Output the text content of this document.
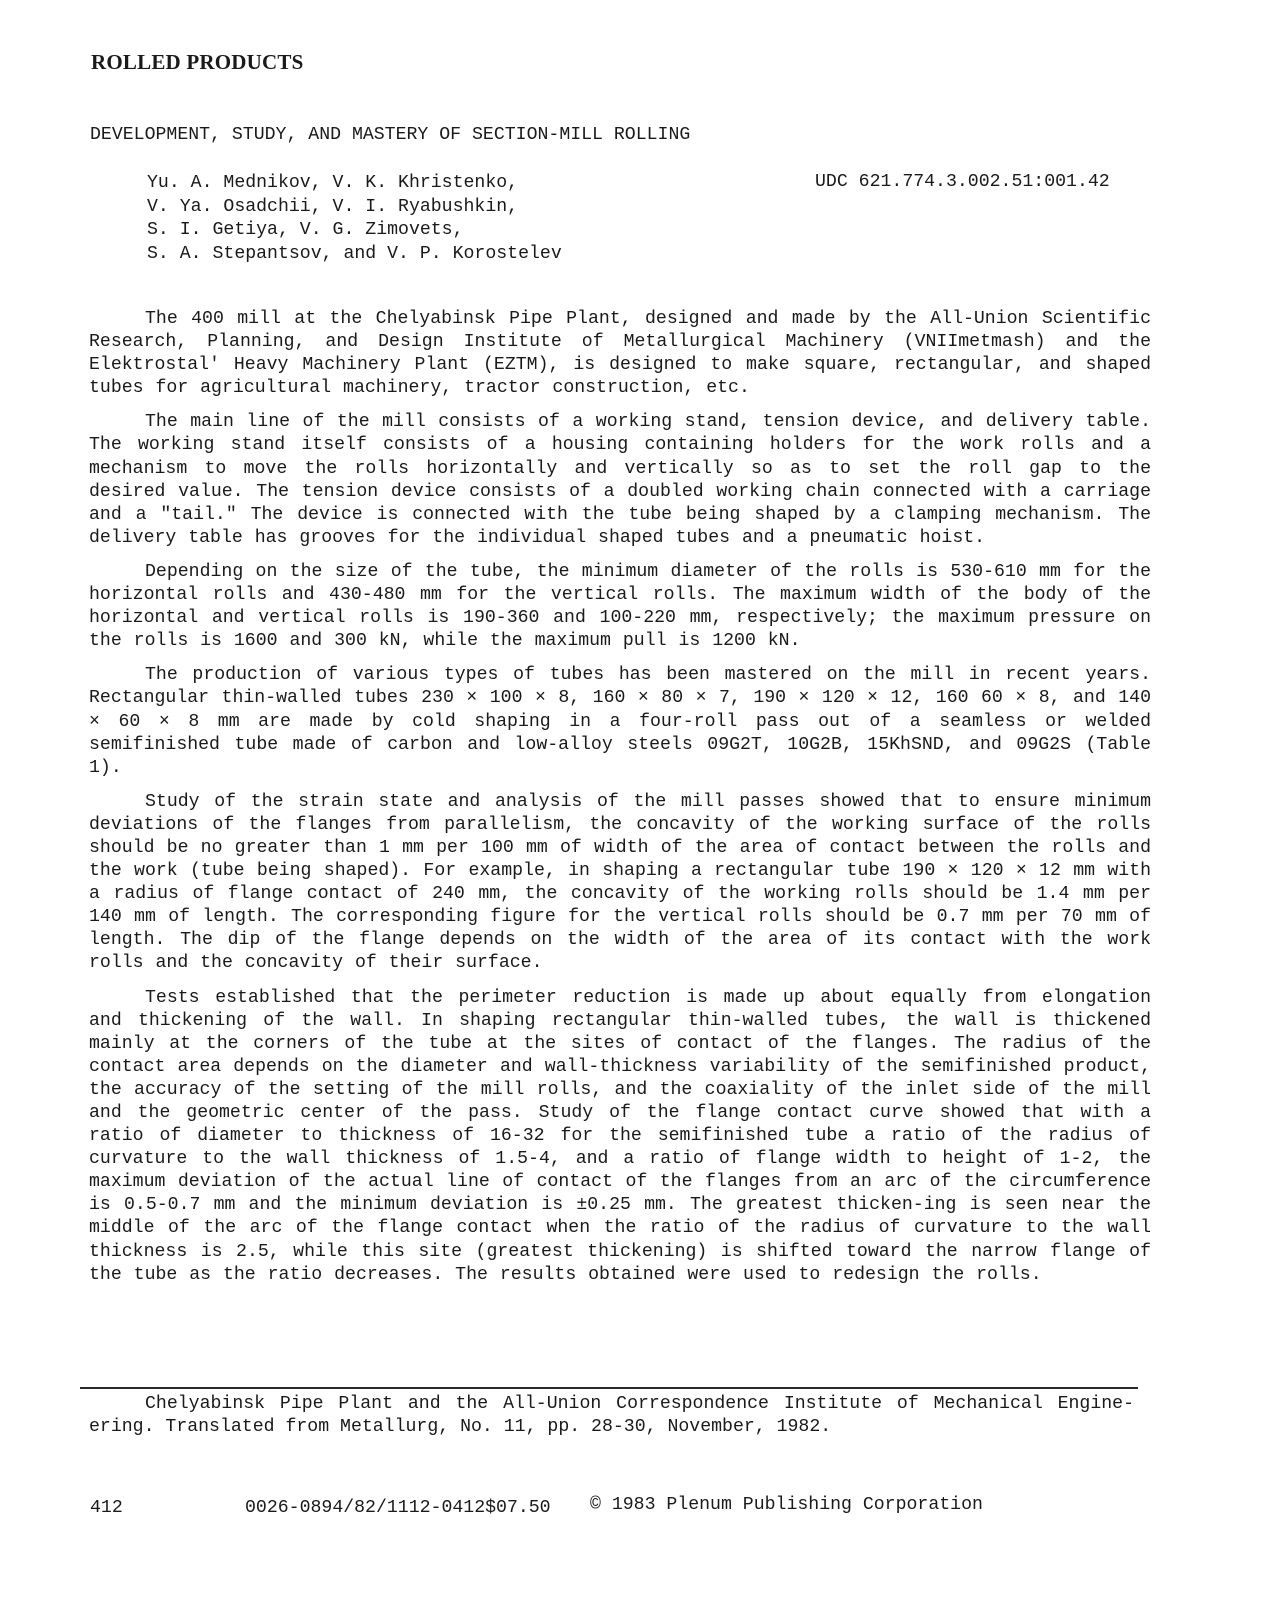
ROLLED PRODUCTS
DEVELOPMENT, STUDY, AND MASTERY OF SECTION-MILL ROLLING
Yu. A. Mednikov, V. K. Khristenko,
V. Ya. Osadchii, V. I. Ryabushkin,
S. I. Getiya, V. G. Zimovets,
S. A. Stepantsov, and V. P. Korostelev
UDC 621.774.3.002.51:001.42

The 400 mill at the Chelyabinsk Pipe Plant, designed and made by the All-Union Scientific Research, Planning, and Design Institute of Metallurgical Machinery (VNIImetmash) and the Elektrostal' Heavy Machinery Plant (EZTM), is designed to make square, rectangular, and shaped tubes for agricultural machinery, tractor construction, etc.

The main line of the mill consists of a working stand, tension device, and delivery table. The working stand itself consists of a housing containing holders for the work rolls and a mechanism to move the rolls horizontally and vertically so as to set the roll gap to the desired value. The tension device consists of a doubled working chain connected with a carriage and a "tail." The device is connected with the tube being shaped by a clamping mechanism. The delivery table has grooves for the individual shaped tubes and a pneumatic hoist.

Depending on the size of the tube, the minimum diameter of the rolls is 530-610 mm for the horizontal rolls and 430-480 mm for the vertical rolls. The maximum width of the body of the horizontal and vertical rolls is 190-360 and 100-220 mm, respectively; the maximum pressure on the rolls is 1600 and 300 kN, while the maximum pull is 1200 kN.

The production of various types of tubes has been mastered on the mill in recent years. Rectangular thin-walled tubes 230 × 100 × 8, 160 × 80 × 7, 190 × 120 × 12, 160 60 × 8, and 140 × 60 × 8 mm are made by cold shaping in a four-roll pass out of a seamless or welded semifinished tube made of carbon and low-alloy steels 09G2T, 10G2B, 15KhSND, and 09G2S (Table 1).

Study of the strain state and analysis of the mill passes showed that to ensure minimum deviations of the flanges from parallelism, the concavity of the working surface of the rolls should be no greater than 1 mm per 100 mm of width of the area of contact between the rolls and the work (tube being shaped). For example, in shaping a rectangular tube 190 × 120 × 12 mm with a radius of flange contact of 240 mm, the concavity of the working rolls should be 1.4 mm per 140 mm of length. The corresponding figure for the vertical rolls should be 0.7 mm per 70 mm of length. The dip of the flange depends on the width of the area of its contact with the work rolls and the concavity of their surface.

Tests established that the perimeter reduction is made up about equally from elongation and thickening of the wall. In shaping rectangular thin-walled tubes, the wall is thickened mainly at the corners of the tube at the sites of contact of the flanges. The radius of the contact area depends on the diameter and wall-thickness variability of the semifinished product, the accuracy of the setting of the mill rolls, and the coaxiality of the inlet side of the mill and the geometric center of the pass. Study of the flange contact curve showed that with a ratio of diameter to thickness of 16-32 for the semifinished tube a ratio of the radius of curvature to the wall thickness of 1.5-4, and a ratio of flange width to height of 1-2, the maximum deviation of the actual line of contact of the flanges from an arc of the circumference is 0.5-0.7 mm and the minimum deviation is ±0.25 mm. The greatest thicken-ing is seen near the middle of the arc of the flange contact when the ratio of the radius of curvature to the wall thickness is 2.5, while this site (greatest thickening) is shifted toward the narrow flange of the tube as the ratio decreases. The results obtained were used to redesign the rolls.

Chelyabinsk Pipe Plant and the All-Union Correspondence Institute of Mechanical Engine-ering. Translated from Metallurg, No. 11, pp. 28-30, November, 1982.
412	0026-0894/82/1112-0412$07.50 © 1983 Plenum Publishing Corporation
